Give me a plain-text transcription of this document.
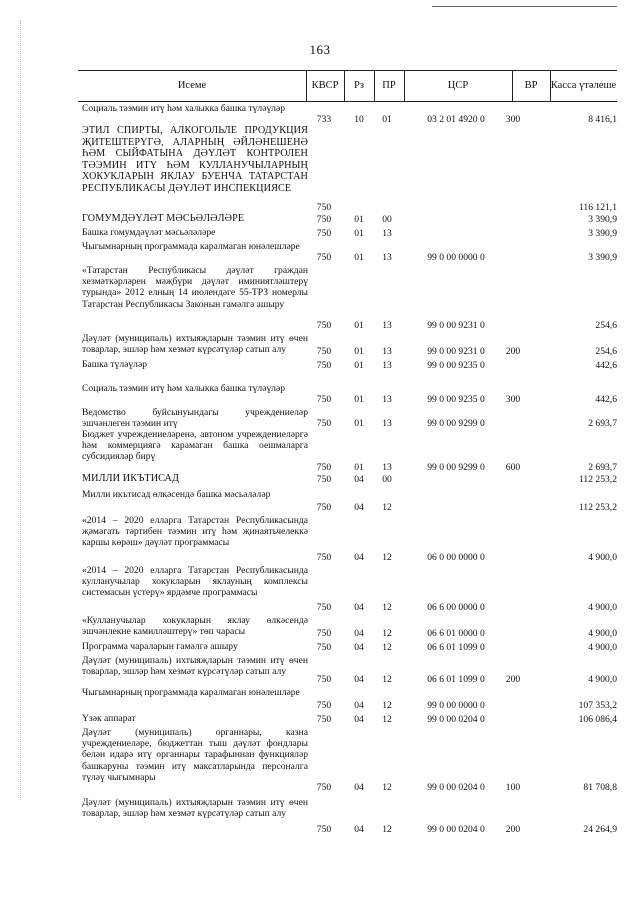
163
Исеме	КВСР	Рз	ПР	ЦСР	ВР	Касса үтәлеше
Социаль тәэмин итү һәм халыкка башка түләүләр
733	10	01	03 2 01 4920 0	300	8 416,1
ЭТИЛ СПИРТЫ, АЛКОГОЛЬЛЕ ПРОДУКЦИЯ ҖИТЕШТЕРҮГӘ, АЛАРНЫҢ ӘЙЛӘНЕШЕНӘ ҺӘМ СЫЙФАТЫНА ДӘҮЛӘТ КОНТРОЛЕН ТӘЭМИН ИТҮ ҺӘМ КУЛЛАНУЧЫЛАРНЫҢ ХОКУКЛАРЫН ЯКЛАУ БУЕНЧА ТАТАРСТАН РЕСПУБЛИКАСЫ ДӘҮЛӘТ ИНСПЕКЦИЯСЕ
750	116 121,1
ГОМУМДӘҮЛӘТ МӘСЬӘЛӘЛӘРЕ	750	01	00	3 390,9
Башка гомумдәүләт мәсьәләләре	750	01	13	3 390,9
Чыгымнарның программада каралмаган юнәлешләре
750	01	13	99 0 00 0000 0	3 390,9
«Татарстан Республикасы дәүләт граждан хезмәткәрләрен мәҗбүри дәүләт иминиятләштерү турында» 2012 елның 14 июлендәге 55-ТРЗ номерлы Татарстан Республикасы Законын гамәлгә ашыру
750	01	13	99 0 00 9231 0	254,6
Дәүләт (муниципаль) ихтыяҗларын тәэмин итү өчен товарлар, эшләр һәм хезмәт күрсәтүләр сатып алу	750	01	13	99 0 00 9231 0	200	254,6
Башка түләүләр	750	01	13	99 0 00 9235 0	442,6
Социаль тәэмин итү һәм халыкка башка түләүләр
750	01	13	99 0 00 9235 0	300	442,6
Ведомство буйсынуындагы учреждениеләр эшчәнлеген тәэмин итү	750	01	13	99 0 00 9299 0	2 693,7
Бюджет учреждениеләренә, автоном учреждениеләргә һәм коммерциягә карамаган башка оешмаларга субсидияләр бирү
750	01	13	99 0 00 9299 0	600	2 693,7
МИЛЛИ ИКЪТИСАД	750	04	00	112 253,2
Милли икътисад өлкәсендә башка мәсьәләләр
750	04	12	112 253,2
«2014 – 2020 елларга Татарстан Республикасында җәмәгать тәртибен тәэмин итү һәм җинаятьчелеккә каршы көрәш» дәүләт программасы
750	04	12	06 0 00 0000 0	4 900,0
«2014 – 2020 елларга Татарстан Республикасында кулланучылар хокукларын яклауның комплексы системасын үстерү» ярдәмче программасы
750	04	12	06 6 00 0000 0	4 900,0
«Кулланучылар хокукларын яклау өлкәсендә эшчәнлекне камилләштерү» төп чарасы	750	04	12	06 6 01 0000 0	4 900,0
Программа чараларын гамәлгә ашыру	750	04	12	06 6 01 1099 0	4 900,0
Дәүләт (муниципаль) ихтыяҗларын тәэмин итү өчен товарлар, эшләр һәм хезмәт күрсәтүләр сатып алу
750	04	12	06 6 01 1099 0	200	4 900,0
Чыгымнарның программада каралмаган юнәлешләре
750	04	12	99 0 00 0000 0	107 353,2
Үзәк аппарат	750	04	12	99 0 00 0204 0	106 086,4
Дәүләт (муниципаль) органнары, казна учреждениеләре, бюджеттан тыш дәүләт фондлары белән идарә итү органнары тарафыннан функцияләр башкаруны тәэмин итү максатларында персоналга түләү чыгымнары
750	04	12	99 0 00 0204 0	100	81 708,8
Дәүләт (муниципаль) ихтыяҗларын тәэмин итү өчен товарлар, эшләр һәм хезмәт күрсәтүләр сатып алу
750	04	12	99 0 00 0204 0	200	24 264,9
